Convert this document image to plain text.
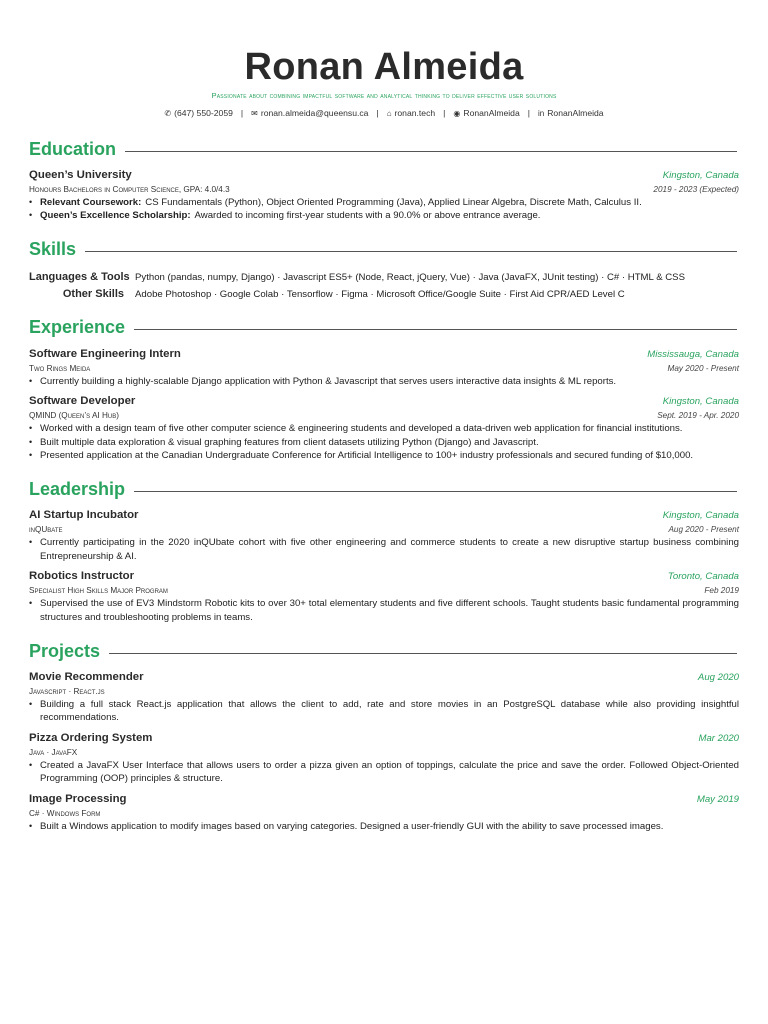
Ronan Almeida
Passionate about combining impactful software and analytical thinking to deliver effective user solutions
✆ (647) 550-2059 | ✉ ronan.almeida@queensu.ca | ⌂ ronan.tech | ◉ RonanAlmeida | in RonanAlmeida
Education
Queen’s University	Kingston, Canada
Honours Bachelors in Computer Science, GPA: 4.0/4.3	2019 - 2023 (Expected)
• Relevant Coursework: CS Fundamentals (Python), Object Oriented Programming (Java), Applied Linear Algebra, Discrete Math, Calculus II.
• Queen’s Excellence Scholarship: Awarded to incoming first-year students with a 90.0% or above entrance average.
Skills
Languages & Tools Python (pandas, numpy, Django) · Javascript ES5+ (Node, React, jQuery, Vue) · Java (JavaFX, JUnit testing) · C# · HTML & CSS
Other Skills	Adobe Photoshop · Google Colab · Tensorflow · Figma · Microsoft Office/Google Suite · First Aid CPR/AED Level C
Experience
Software Engineering Intern	Mississauga, Canada
Two Rings Meida	May 2020 - Present
• Currently building a highly-scalable Django application with Python & Javascript that serves users interactive data insights & ML reports.
Software Developer	Kingston, Canada
QMIND (Queen’s AI Hub)	Sept. 2019 - Apr. 2020
• Worked with a design team of five other computer science & engineering students and developed a data-driven web application for financial institutions.
• Built multiple data exploration & visual graphing features from client datasets utilizing Python (Django) and Javascript.
• Presented application at the Canadian Undergraduate Conference for Artificial Intelligence to 100+ industry professionals and secured funding of $10,000.
Leadership
AI Startup Incubator	Kingston, Canada
inQUbate	Aug 2020 - Present
• Currently participating in the 2020 inQUbate cohort with five other engineering and commerce students to create a new disruptive startup business combining Entrepreneurship & AI.
Robotics Instructor	Toronto, Canada
Specialist High Skills Major Program	Feb 2019
• Supervised the use of EV3 Mindstorm Robotic kits to over 30+ total elementary students and five different schools. Taught students basic fundamental programming structures and troubleshooting problems in teams.
Projects
Movie Recommender	Aug 2020
Javascript · React.js
• Building a full stack React.js application that allows the client to add, rate and store movies in an PostgreSQL database while also providing insightful recommendations.
Pizza Ordering System	Mar 2020
Java · JavaFX
• Created a JavaFX User Interface that allows users to order a pizza given an option of toppings, calculate the price and save the order. Followed Object-Oriented Programming (OOP) principles & structure.
Image Processing	May 2019
C# · Windows Form
• Built a Windows application to modify images based on varying categories. Designed a user-friendly GUI with the ability to save processed images.
